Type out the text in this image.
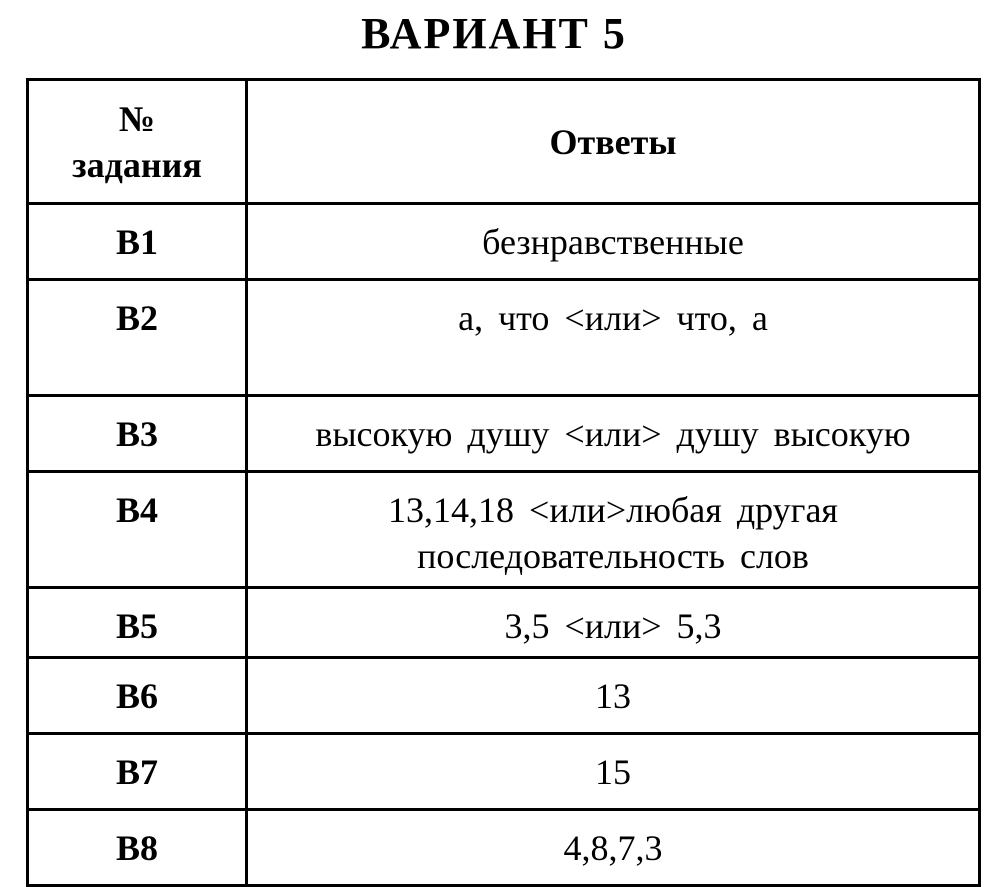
ВАРИАНТ 5
№
задания	Ответы
B1	безнравственные
B2	а, что <или> что, а
B3	высокую душу <или> душу высокую
B4	13,14,18 <или>любая другая
последовательность слов

B5	3,5 <или> 5,3
B6	13
B7	15
B8	4,8,7,3
